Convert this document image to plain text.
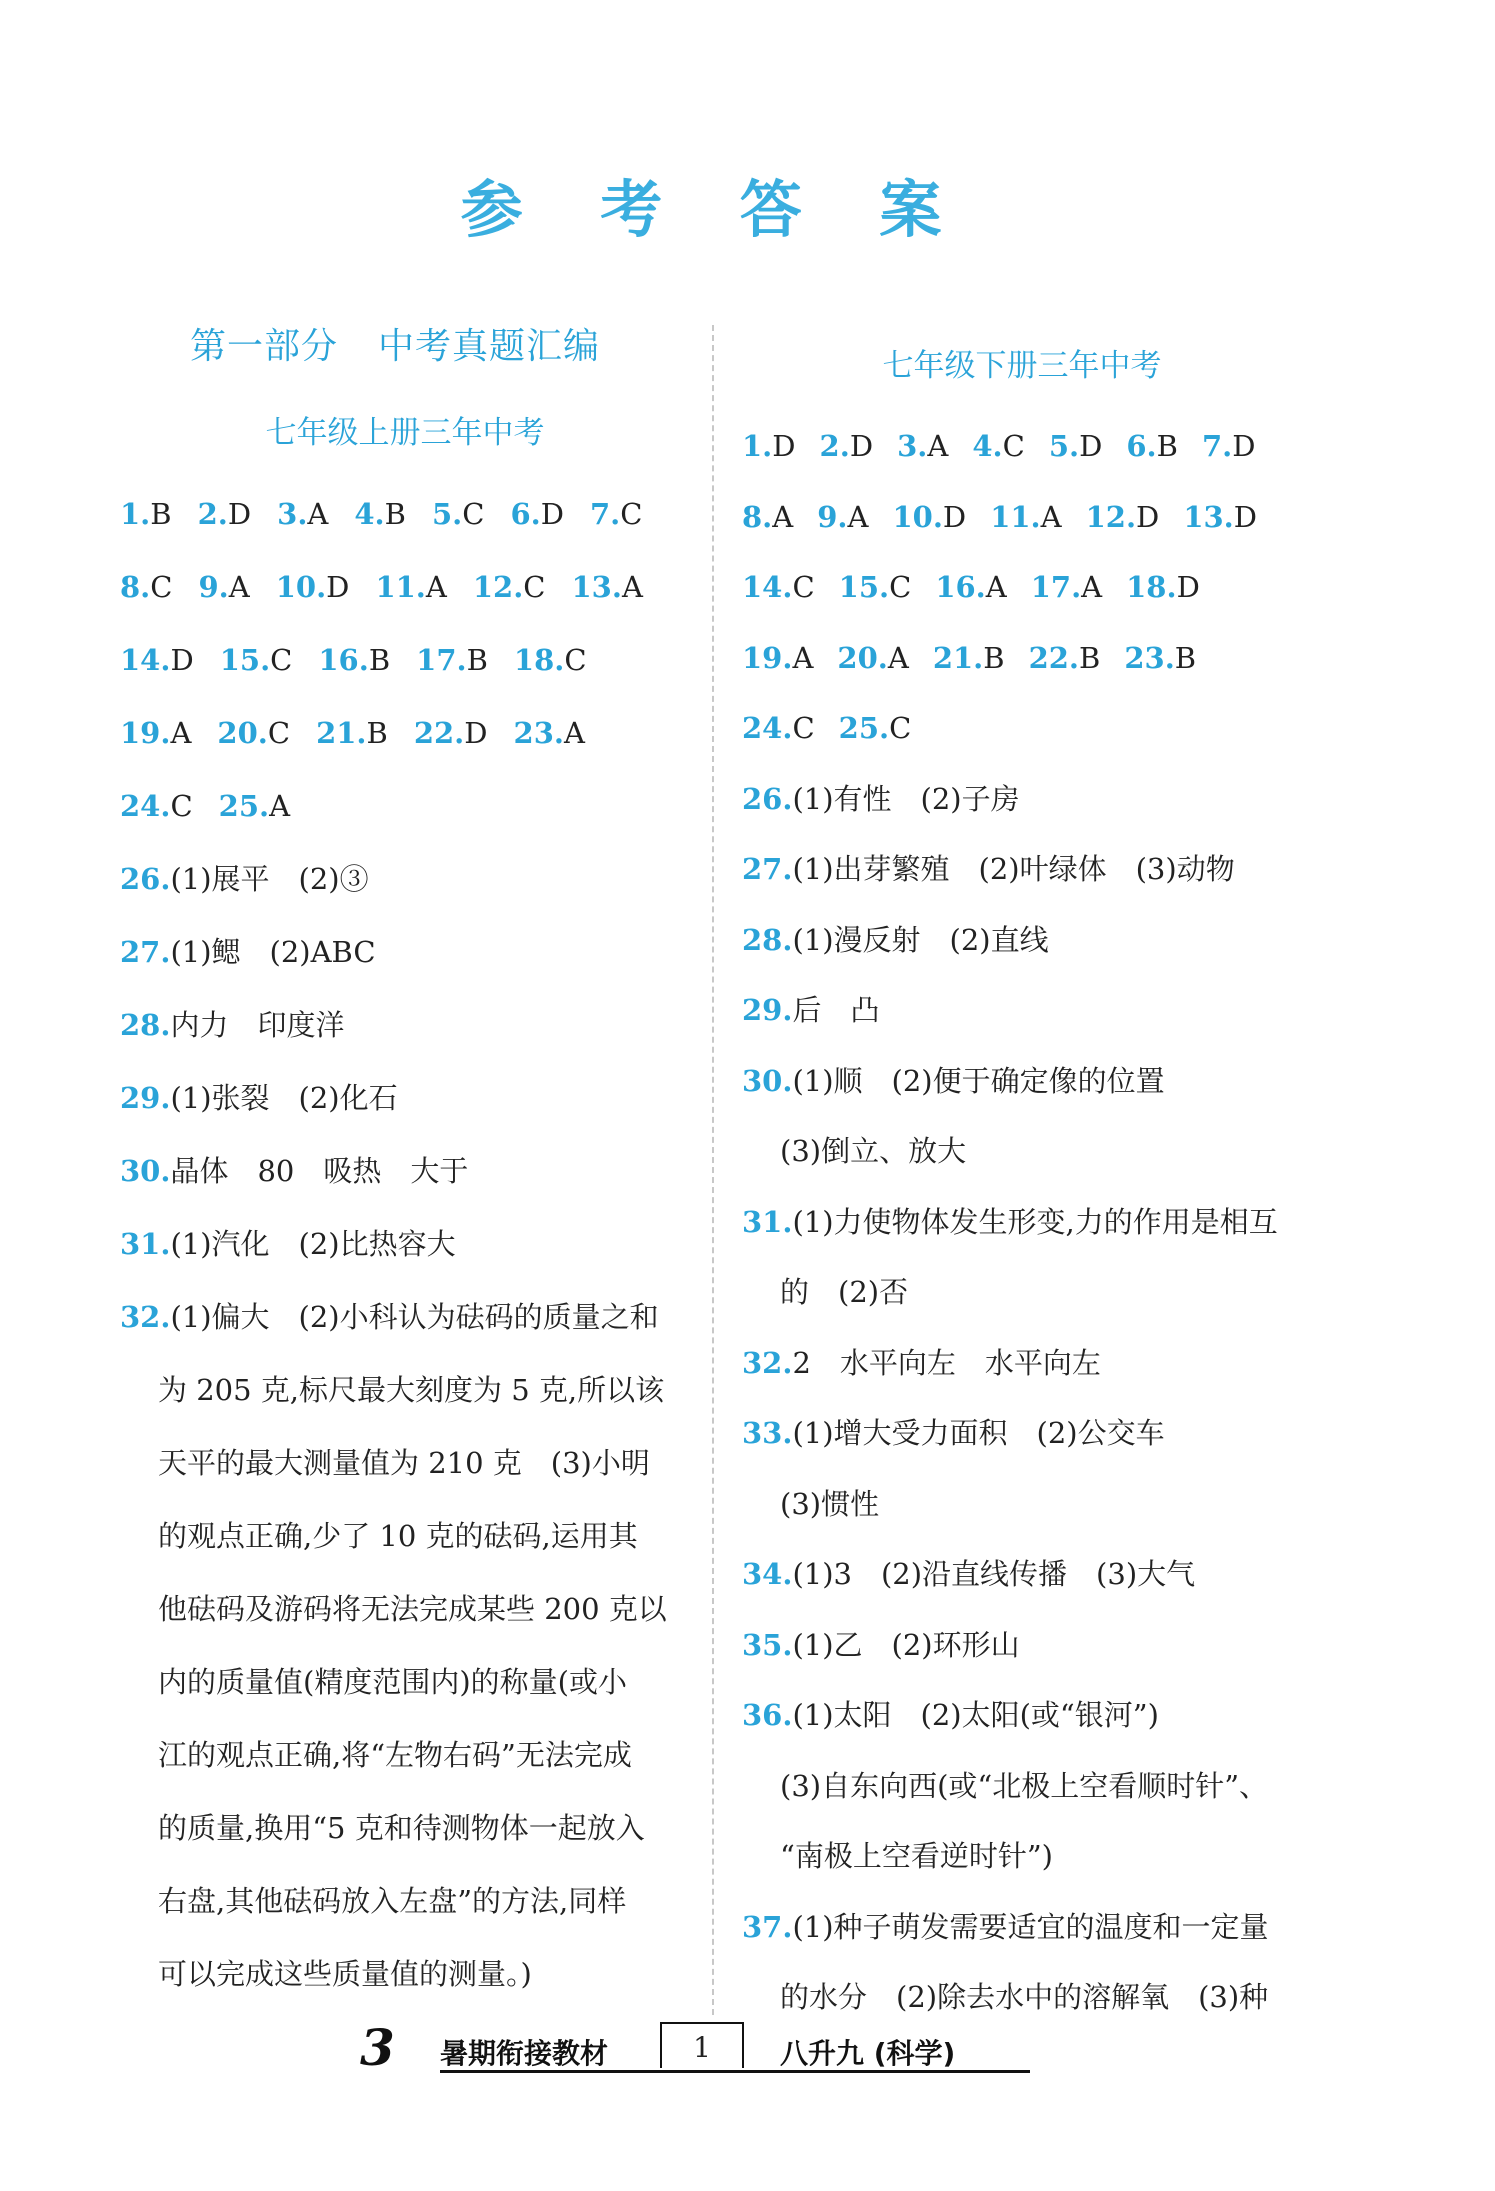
参 考 答 案
第一部分 中考真题汇编
七年级上册三年中考
1.B 2.D 3.A 4.B 5.C 6.D 7.C
8.C 9.A 10.D 11.A 12.C 13.A
14.D 15.C 16.B 17.B 18.C
19.A 20.C 21.B 22.D 23.A
24.C 25.A
26.(1)展平　(2)③
27.(1)鳃　(2)ABC
28.内力　印度洋
29.(1)张裂　(2)化石
30.晶体　80　吸热　大于
31.(1)汽化　(2)比热容大
32.(1)偏大　(2)小科认为砝码的质量之和
为 205 克,标尺最大刻度为 5 克,所以该
天平的最大测量值为 210 克　(3)小明
的观点正确,少了 10 克的砝码,运用其
他砝码及游码将无法完成某些 200 克以
内的质量值(精度范围内)的称量(或小
江的观点正确,将“左物右码”无法完成
的质量,换用“5 克和待测物体一起放入
右盘,其他砝码放入左盘”的方法,同样
可以完成这些质量值的测量。)
七年级下册三年中考
1.D 2.D 3.A 4.C 5.D 6.B 7.D
8.A 9.A 10.D 11.A 12.D 13.D
14.C 15.C 16.A 17.A 18.D
19.A 20.A 21.B 22.B 23.B
24.C 25.C
26.(1)有性　(2)子房
27.(1)出芽繁殖　(2)叶绿体　(3)动物
28.(1)漫反射　(2)直线
29.后　凸
30.(1)顺　(2)便于确定像的位置
(3)倒立、放大
31.(1)力使物体发生形变,力的作用是相互
的　(2)否
32.2　水平向左　水平向左
33.(1)增大受力面积　(2)公交车
(3)惯性
34.(1)3　(2)沿直线传播　(3)大气
35.(1)乙　(2)环形山
36.(1)太阳　(2)太阳(或“银河”)
(3)自东向西(或“北极上空看顺时针”、
“南极上空看逆时针”)
37.(1)种子萌发需要适宜的温度和一定量
的水分　(2)除去水中的溶解氧　(3)种
3 暑期衔接教材	1	八升九 (科学)
